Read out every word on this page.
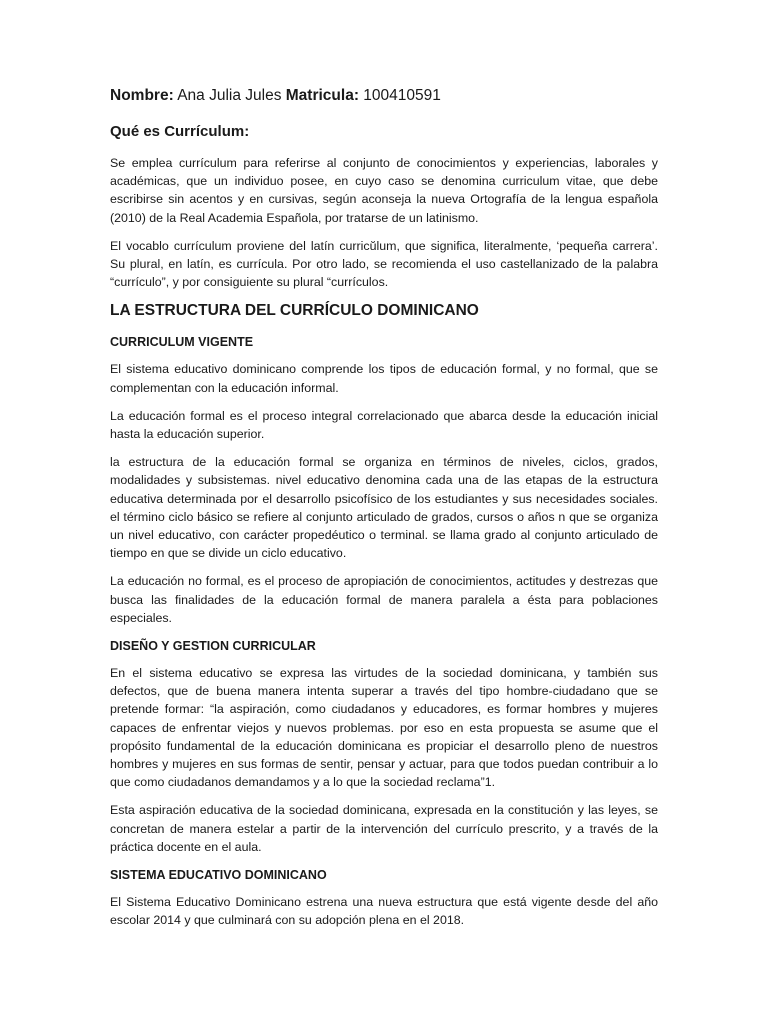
Nombre: Ana Julia Jules Matricula: 100410591
Qué es Currículum:

Se emplea currículum para referirse al conjunto de conocimientos y experiencias, laborales y académicas, que un individuo posee, en cuyo caso se denomina curriculum vitae, que debe escribirse sin acentos y en cursivas, según aconseja la nueva Ortografía de la lengua española (2010) de la Real Academia Española, por tratarse de un latinismo.

El vocablo currículum proviene del latín curricŭlum, que significa, literalmente, ‘pequeña carrera’. Su plural, en latín, es currícula. Por otro lado, se recomienda el uso castellanizado de la palabra “currículo”, y por consiguiente su plural “currículos.

LA ESTRUCTURA DEL CURRÍCULO DOMINICANO
CURRICULUM VIGENTE

El sistema educativo dominicano comprende los tipos de educación formal, y no formal, que se complementan con la educación informal.

La educación formal es el proceso integral correlacionado que abarca desde la educación inicial hasta la educación superior.

la estructura de la educación formal se organiza en términos de niveles, ciclos, grados, modalidades y subsistemas. nivel educativo denomina cada una de las etapas de la estructura educativa determinada por el desarrollo psicofísico de los estudiantes y sus necesidades sociales. el término ciclo básico se refiere al conjunto articulado de grados, cursos o años n que se organiza un nivel educativo, con carácter propedéutico o terminal. se llama grado al conjunto articulado de tiempo en que se divide un ciclo educativo.

La educación no formal, es el proceso de apropiación de conocimientos, actitudes y destrezas que busca las finalidades de la educación formal de manera paralela a ésta para poblaciones especiales.

DISEÑO Y GESTION CURRICULAR

En el sistema educativo se expresa las virtudes de la sociedad dominicana, y también sus defectos, que de buena manera intenta superar a través del tipo hombre-ciudadano que se pretende formar: “la aspiración, como ciudadanos y educadores, es formar hombres y mujeres capaces de enfrentar viejos y nuevos problemas. por eso en esta propuesta se asume que el propósito fundamental de la educación dominicana es propiciar el desarrollo pleno de nuestros hombres y mujeres en sus formas de sentir, pensar y actuar, para que todos puedan contribuir a lo que como ciudadanos demandamos y a lo que la sociedad reclama”1.

Esta aspiración educativa de la sociedad dominicana, expresada en la constitución y las leyes, se concretan de manera estelar a partir de la intervención del currículo prescrito, y a través de la práctica docente en el aula.

SISTEMA EDUCATIVO DOMINICANO

El Sistema Educativo Dominicano estrena una nueva estructura que está vigente desde del año escolar 2014 y que culminará con su adopción plena en el 2018.
